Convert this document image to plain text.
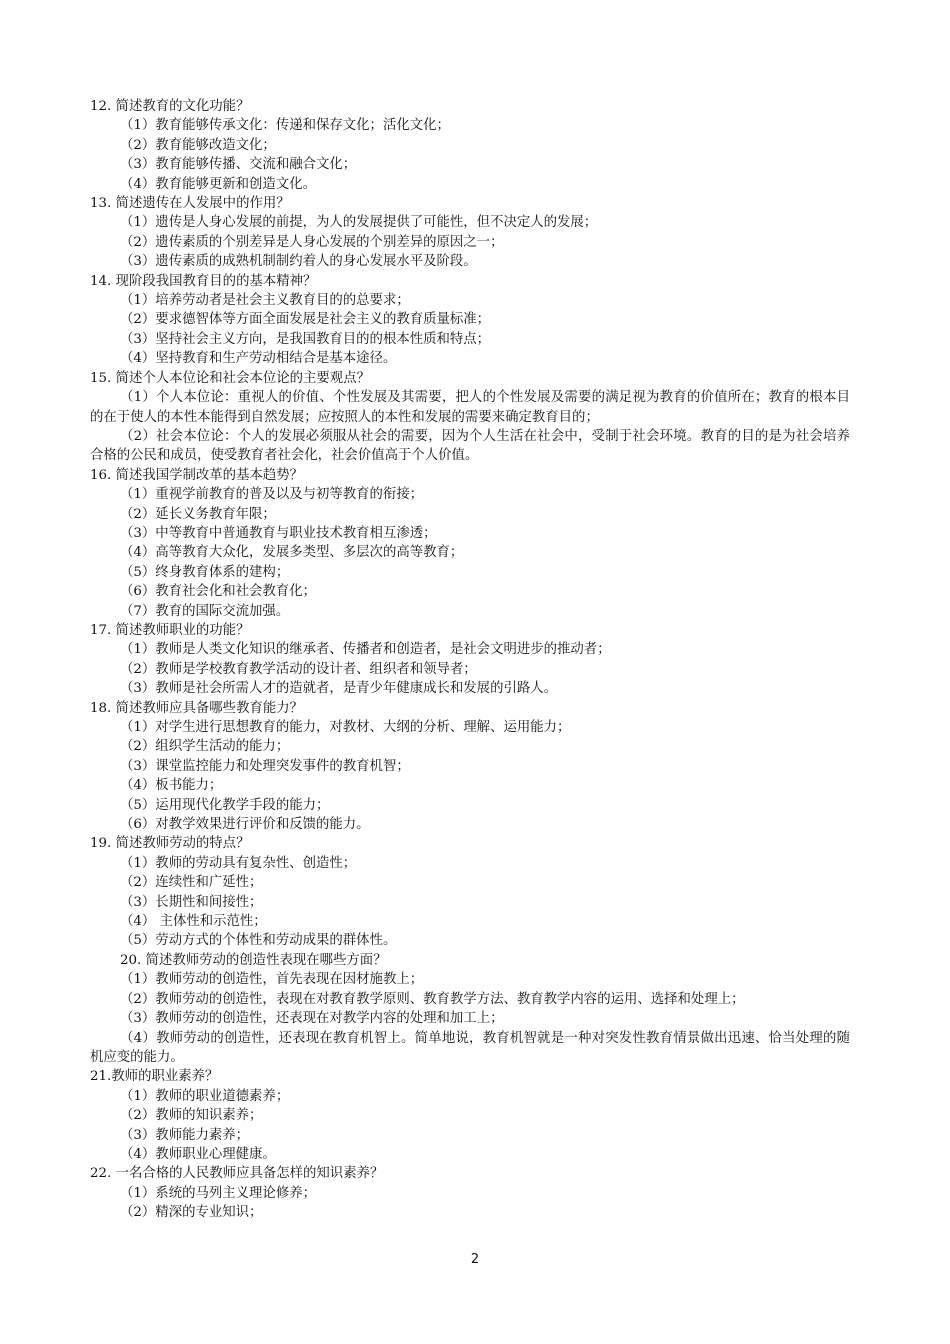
12. 简述教育的文化功能？

（1）教育能够传承文化：传递和保存文化；活化文化；

（2）教育能够改造文化；

（3）教育能够传播、交流和融合文化；

（4）教育能够更新和创造文化。

13. 简述遗传在人发展中的作用？

（1）遗传是人身心发展的前提，为人的发展提供了可能性，但不决定人的发展；

（2）遗传素质的个别差异是人身心发展的个别差异的原因之一；

（3）遗传素质的成熟机制制约着人的身心发展水平及阶段。

14. 现阶段我国教育目的的基本精神？

（1）培养劳动者是社会主义教育目的的总要求；

（2）要求德智体等方面全面发展是社会主义的教育质量标准；

（3）坚持社会主义方向，是我国教育目的的根本性质和特点；

（4）坚持教育和生产劳动相结合是基本途径。

15. 简述个人本位论和社会本位论的主要观点？

（1）个人本位论：重视人的价值、个性发展及其需要，把人的个性发展及需要的满足视为教育的价值所在；教育的根本目的在于使人的本性本能得到自然发展；应按照人的本性和发展的需要来确定教育目的；

（2）社会本位论：个人的发展必须服从社会的需要，因为个人生活在社会中，受制于社会环境。教育的目的是为社会培养合格的公民和成员，使受教育者社会化，社会价值高于个人价值。

16. 简述我国学制改革的基本趋势？

（1）重视学前教育的普及以及与初等教育的衔接；

（2）延长义务教育年限；

（3）中等教育中普通教育与职业技术教育相互渗透；

（4）高等教育大众化，发展多类型、多层次的高等教育；

（5）终身教育体系的建构；

（6）教育社会化和社会教育化；

（7）教育的国际交流加强。

17. 简述教师职业的功能？

（1）教师是人类文化知识的继承者、传播者和创造者，是社会文明进步的推动者；

（2）教师是学校教育教学活动的设计者、组织者和领导者；

（3）教师是社会所需人才的造就者，是青少年健康成长和发展的引路人。

18. 简述教师应具备哪些教育能力？

（1）对学生进行思想教育的能力，对教材、大纲的分析、理解、运用能力；

（2）组织学生活动的能力；

（3）课堂监控能力和处理突发事件的教育机智；

（4）板书能力；

（5）运用现代化教学手段的能力；

（6）对教学效果进行评价和反馈的能力。

19. 简述教师劳动的特点？

（1）教师的劳动具有复杂性、创造性；

（2）连续性和广延性；

（3）长期性和间接性；

（4） 主体性和示范性；

（5）劳动方式的个体性和劳动成果的群体性。

20. 简述教师劳动的创造性表现在哪些方面？

（1）教师劳动的创造性，首先表现在因材施教上；

（2）教师劳动的创造性，表现在对教育教学原则、教育教学方法、教育教学内容的运用、选择和处理上；

（3）教师劳动的创造性，还表现在对教学内容的处理和加工上；

（4）教师劳动的创造性，还表现在教育机智上。简单地说，教育机智就是一种对突发性教育情景做出迅速、恰当处理的随机应变的能力。

21.教师的职业素养？

（1）教师的职业道德素养；

（2）教师的知识素养；

（3）教师能力素养；

（4）教师职业心理健康。

22. 一名合格的人民教师应具备怎样的知识素养？

（1）系统的马列主义理论修养；

（2）精深的专业知识；

2
